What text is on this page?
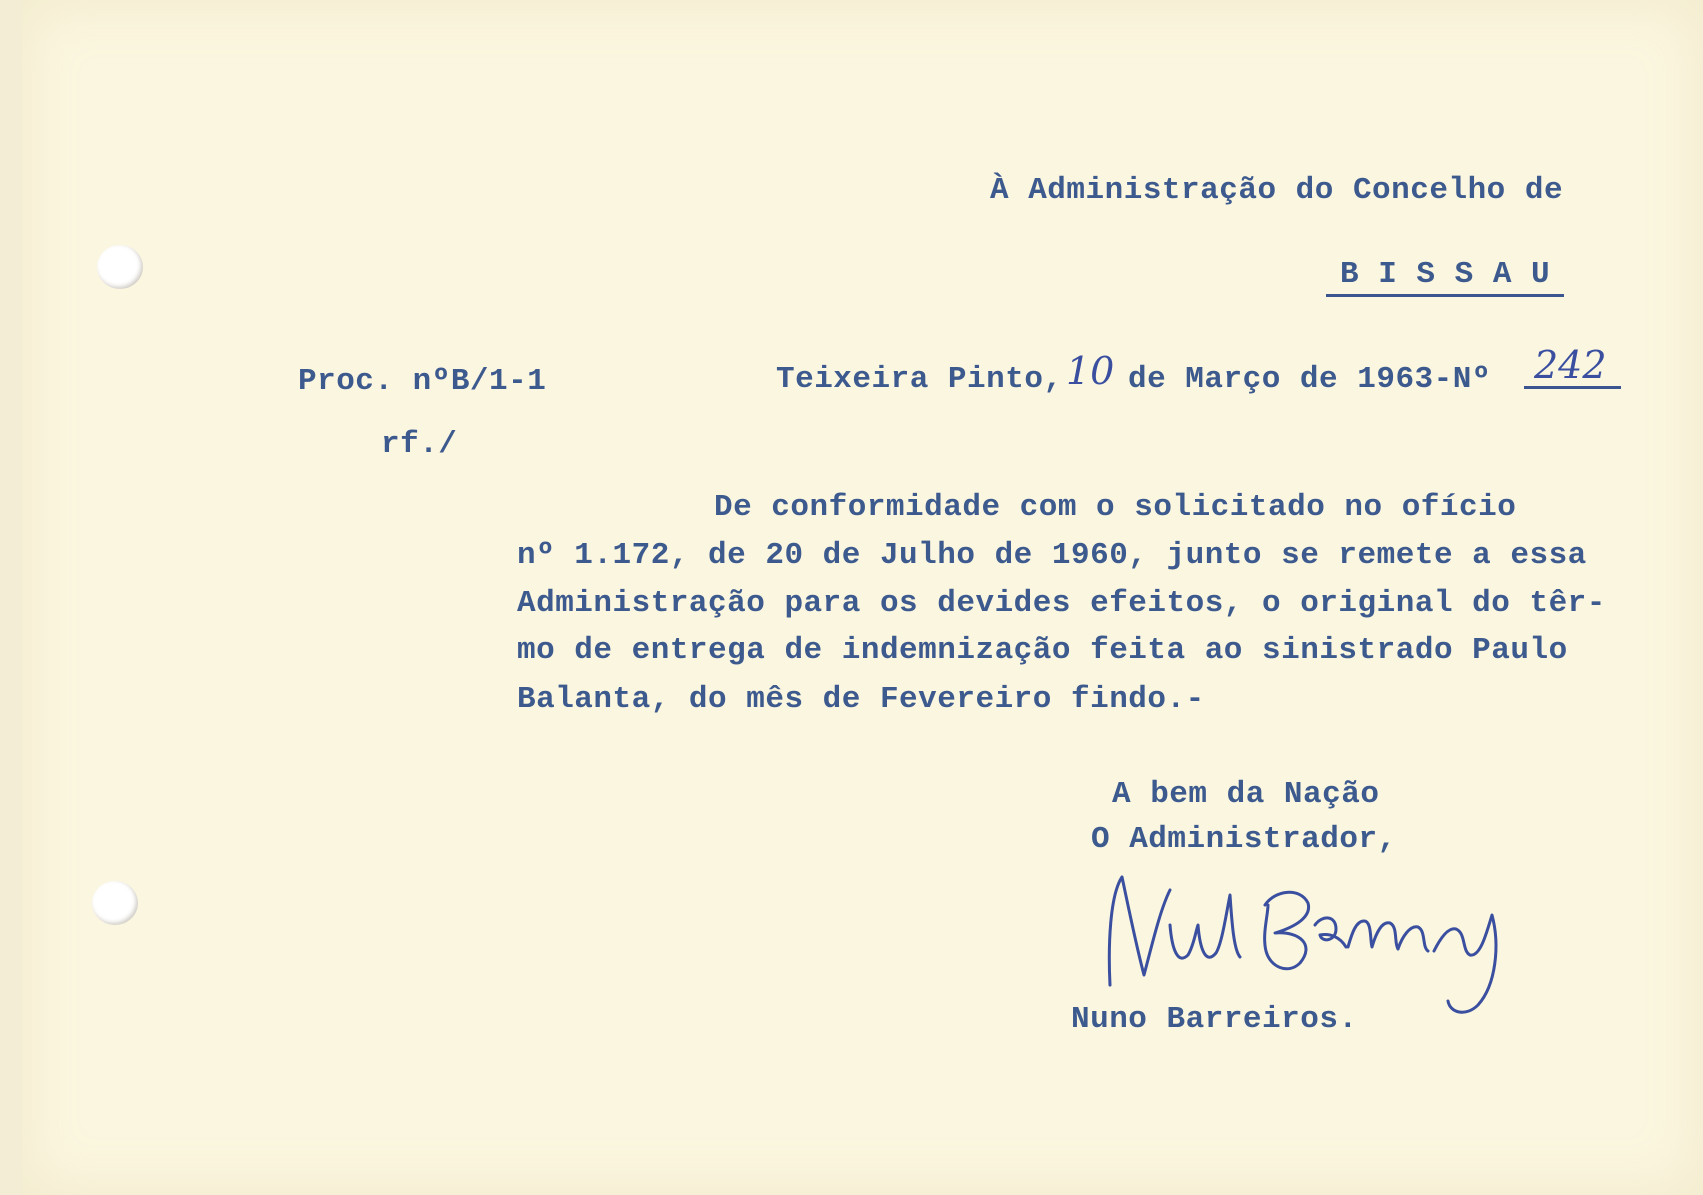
À Administração do Concelho de
B I S S A U
Proc. nºB/1-1
rf./
Teixeira Pinto, 10 de Março de 1963-Nº 242
De conformidade com o solicitado no ofício
nº 1.172, de 20 de Julho de 1960, junto se remete a essa
Administração para os devides efeitos, o original do têr-
mo de entrega de indemnização feita ao sinistrado Paulo
Balanta, do mês de Fevereiro findo.-
A bem da Nação
O Administrador,
Nuno Barreiros.
